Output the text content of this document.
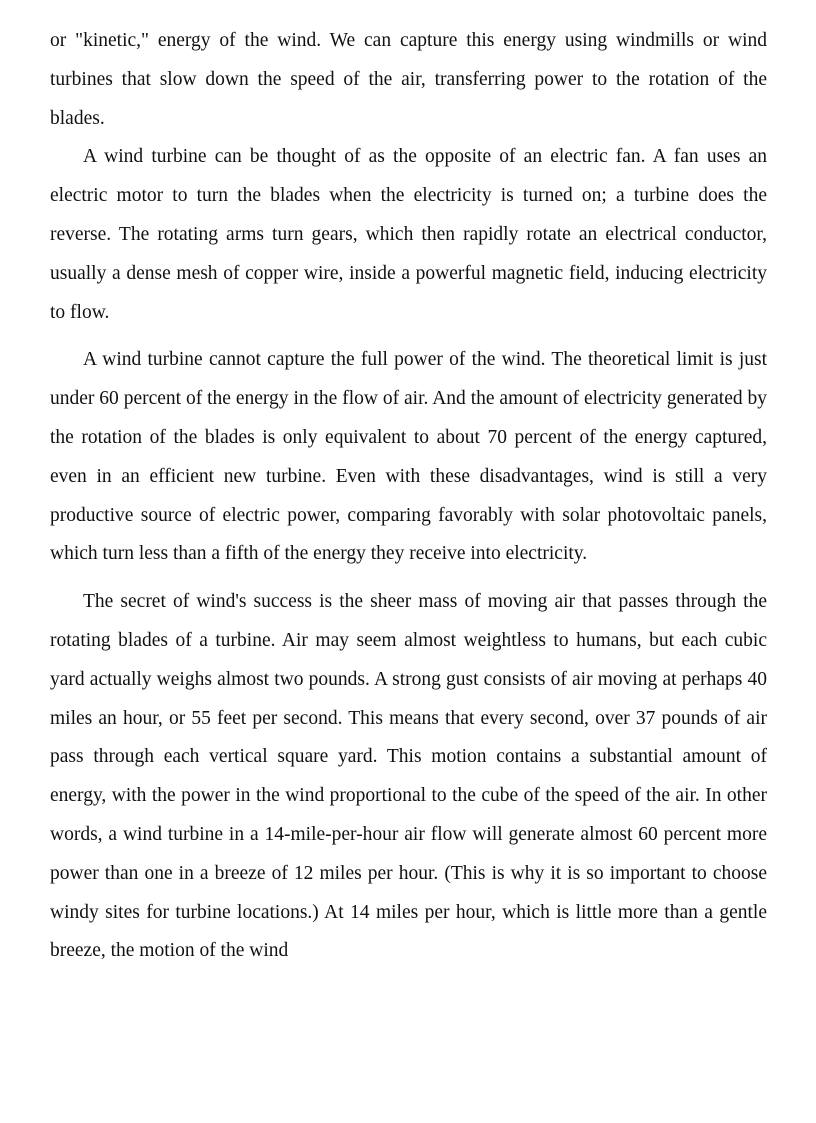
or "kinetic," energy of the wind. We can capture this energy using windmills or wind turbines that slow down the speed of the air, transferring power to the rotation of the blades.

A wind turbine can be thought of as the opposite of an electric fan. A fan uses an electric motor to turn the blades when the electricity is turned on; a turbine does the reverse. The rotating arms turn gears, which then rapidly rotate an electrical conductor, usually a dense mesh of copper wire, inside a powerful magnetic field, inducing electricity to flow.

A wind turbine cannot capture the full power of the wind. The theoretical limit is just under 60 percent of the energy in the flow of air. And the amount of electricity generated by the rotation of the blades is only equivalent to about 70 percent of the energy captured, even in an efficient new turbine. Even with these disadvantages, wind is still a very productive source of electric power, comparing favorably with solar photovoltaic panels, which turn less than a fifth of the energy they receive into electricity.

The secret of wind's success is the sheer mass of moving air that passes through the rotating blades of a turbine. Air may seem almost weightless to humans, but each cubic yard actually weighs almost two pounds. A strong gust consists of air moving at perhaps 40 miles an hour, or 55 feet per second. This means that every second, over 37 pounds of air pass through each vertical square yard. This motion contains a substantial amount of energy, with the power in the wind proportional to the cube of the speed of the air. In other words, a wind turbine in a 14-mile-per-hour air flow will generate almost 60 percent more power than one in a breeze of 12 miles per hour. (This is why it is so important to choose windy sites for turbine locations.) At 14 miles per hour, which is little more than a gentle breeze, the motion of the wind
